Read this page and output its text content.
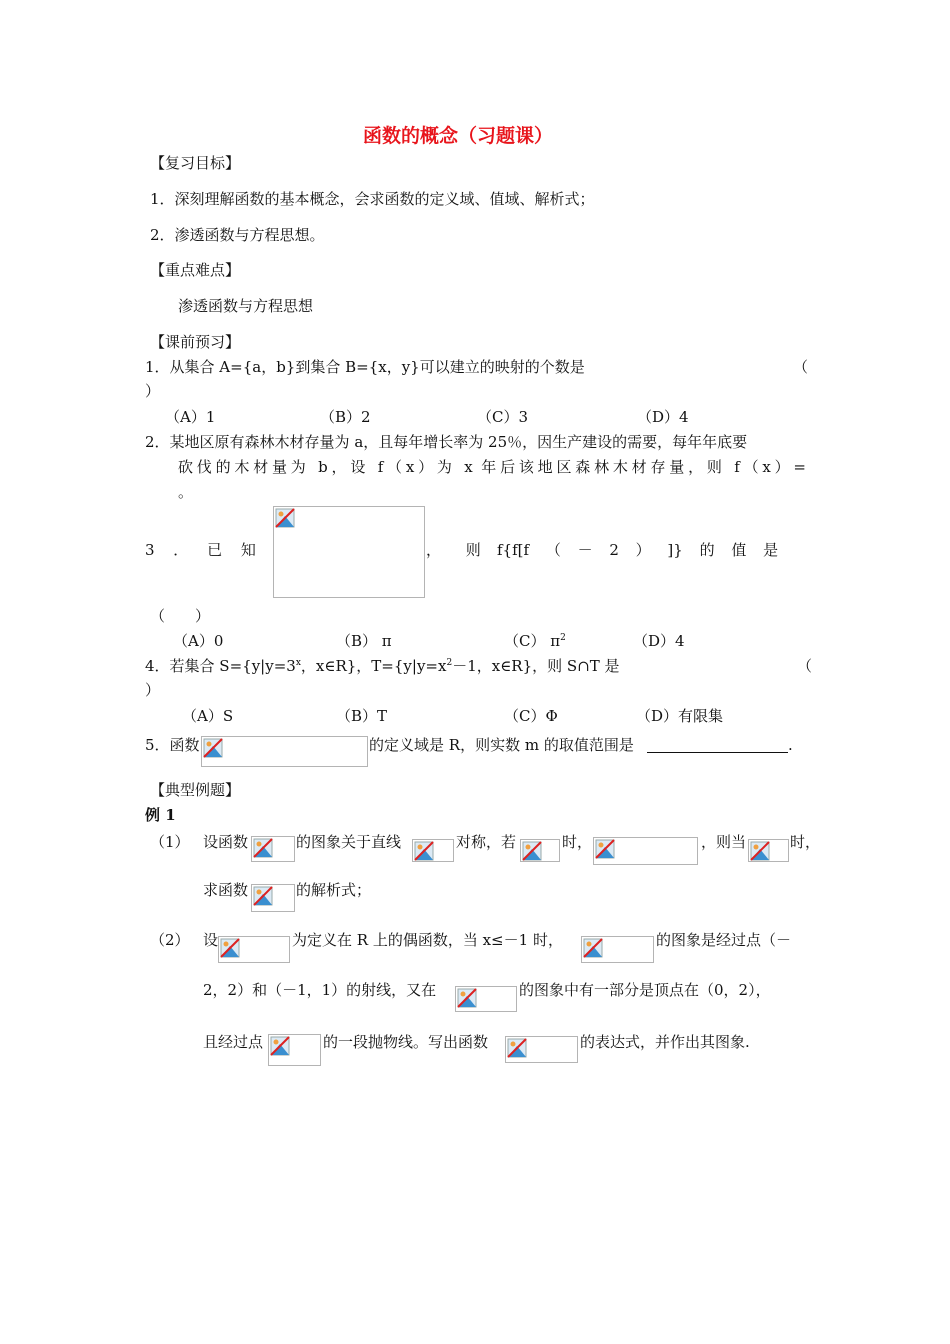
函数的概念（习题课）
【复习目标】
1．深刻理解函数的基本概念，会求函数的定义域、值域、解析式；
2．渗透函数与方程思想。
【重点难点】
渗透函数与方程思想
【课前预习】
1．从集合 A={a，b}到集合 B={x，y}可以建立的映射的个数是	（
）
（A）1	（B）2	（C）3	（D）4
2．某地区原有森林木材存量为 a，且每年增长率为 25％，因生产建设的需要，每年年底要
砍伐的木材量为 b，设 f（x）为 x 年后该地区森林木材存量，则 f（x）=
。
3 ． 已 知	， 则 f{f[f （ － 2 ） ]} 的 值 是
（　　）
（A）0	（B） π	（C） $\pi^2$	（D）4
4．若集合 $S=\{y|y=3^x$，x∈R}，$T=\{y|y=x^2-1$，x∈R}，则 S∩T 是	（
）
（A）S	（B）T	（C）Φ	（D）有限集
5．函数	的定义域是 R，则实数 m 的取值范围是	.
【典型例题】
例 1
（1） 设函数	的图象关于直线	对称，若	时，	，则当	时，
求函数	的解析式；
（2） 设	为定义在 R 上的偶函数，当 x≤－1 时，	的图象是经过点（－
2，2）和（－1，1）的射线，又在	的图象中有一部分是顶点在（0，2），
且经过点	的一段抛物线。写出函数	的表达式，并作出其图象.
